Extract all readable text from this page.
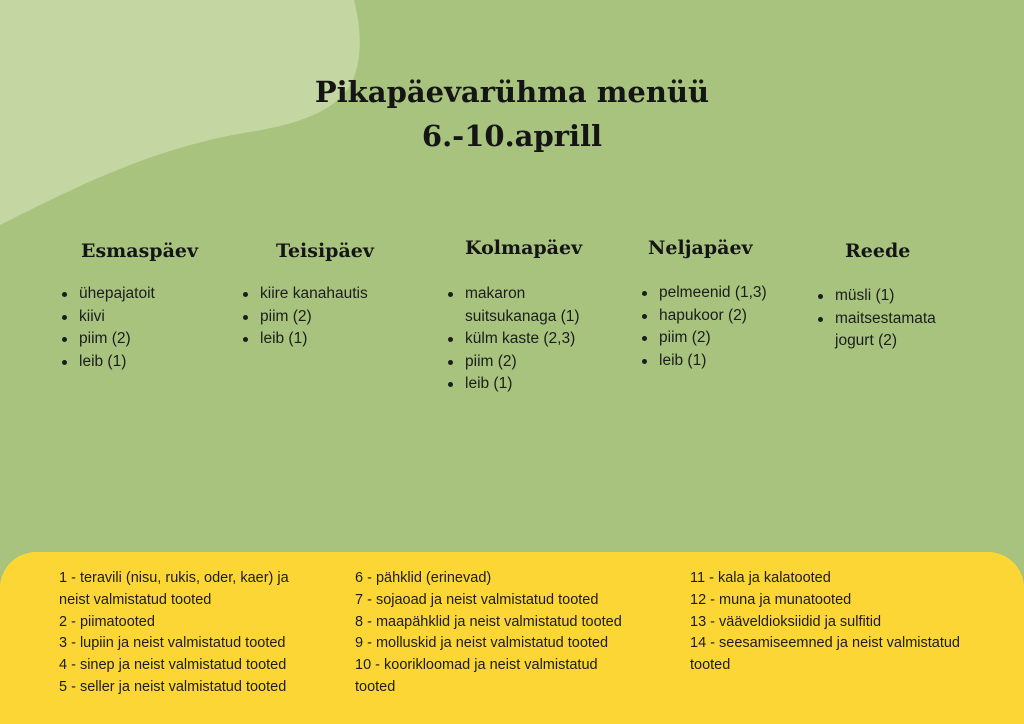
Pikapäevarühma menüü
6.-10.aprill
Esmaspäev
ühepajatoit
kiivi
piim (2)
leib (1)
Teisipäev
kiire kanahautis
piim (2)
leib (1)
Kolmapäev
makaron
suitsukanaga (1)
külm kaste (2,3)
piim (2)
leib (1)
Neljapäev
pelmeenid (1,3)
hapukoor (2)
piim (2)
leib (1)
Reede
müsli (1)
maitsestamata
jogurt (2)
1 - teravili (nisu, rukis, oder, kaer) ja
neist valmistatud tooted
2 - piimatooted
3 - lupiin ja neist valmistatud tooted
4 - sinep ja neist valmistatud tooted
5 - seller ja neist valmistatud tooted
6 - pähklid (erinevad)
7 - sojaoad ja neist valmistatud tooted
8 - maapähklid ja neist valmistatud tooted
9 - molluskid ja neist valmistatud tooted
10 - koorikloomad ja neist valmistatud
tooted
11 - kala ja kalatooted
12 - muna ja munatooted
13 - vääveldioksiidid ja sulfitid
14 - seesamiseemned ja neist valmistatud
tooted
